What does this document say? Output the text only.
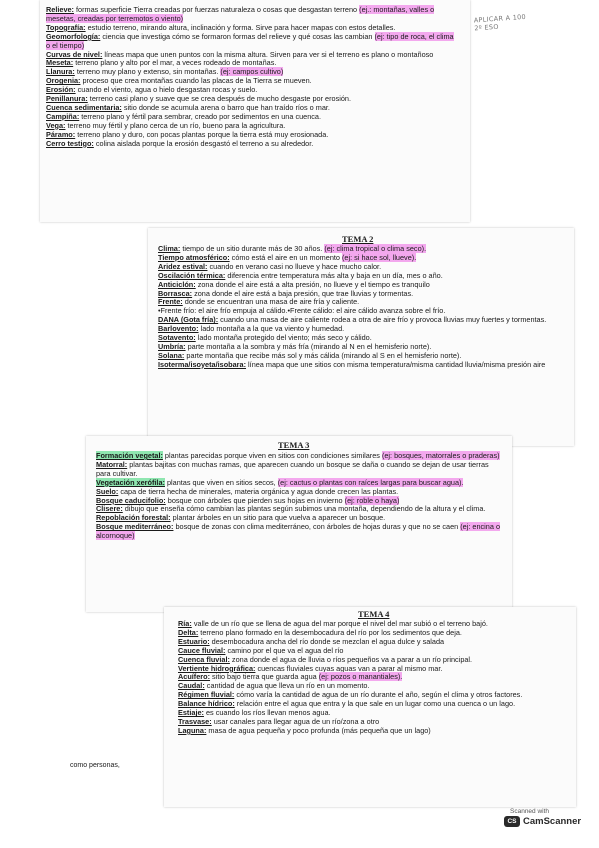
Relieve: formas superficie Tierra creadas por fuerzas naturaleza o cosas que desgastan terreno (ej.: montañas, valles o mesetas, creadas por terremotos o viento)

Topografía: estudio terreno, mirando altura, inclinación y forma. Sirve para hacer mapas con estos detalles.

Geomorfología: ciencia que investiga cómo se formaron formas del relieve y qué cosas las cambian (ej: tipo de roca, el clima o el tiempo)

Curvas de nivel: líneas mapa que unen puntos con la misma altura. Sirven para ver si el terreno es plano o montañoso

Meseta: terreno plano y alto por el mar, a veces rodeado de montañas.

Llanura: terreno muy plano y extenso, sin montañas. (ej: campos cultivo)

Orogenia: proceso que crea montañas cuando las placas de la Tierra se mueven.

Erosión: cuando el viento, agua o hielo desgastan rocas y suelo.

Penillanura: terreno casi plano y suave que se crea después de mucho desgaste por erosión.

Cuenca sedimentaria: sitio donde se acumula arena o barro que han traído ríos o mar.

Campiña: terreno plano y fértil para sembrar, creado por sedimentos en una cuenca.

Vega: terreno muy fértil y plano cerca de un río, bueno para la agricultura.

Páramo: terreno plano y duro, con pocas plantas porque la tierra está muy erosionada.

Cerro testigo: colina aislada porque la erosión desgastó el terreno a su alrededor.

APLICAR A 100
2º ESO
TEMA 2

Clima: tiempo de un sitio durante más de 30 años. (ej: clima tropical o clima seco).

Tiempo atmosférico: cómo está el aire en un momento (ej: si hace sol, llueve).

Aridez estival: cuando en verano casi no llueve y hace mucho calor.

Oscilación térmica: diferencia entre temperatura más alta y baja en un día, mes o año.

Anticiclón: zona donde el aire está a alta presión, no llueve y el tiempo es tranquilo

Borrasca: zona donde el aire está a baja presión, que trae lluvias y tormentas.

Frente: donde se encuentran una masa de aire fría y caliente.

•Frente frío: el aire frío empuja al cálido.•Frente cálido: el aire cálido avanza sobre el frío.

DANA (Gota fría): cuando una masa de aire caliente rodea a otra de aire frío y provoca lluvias muy fuertes y tormentas.

Barlovento: lado montaña a la que va viento y humedad.

Sotavento: lado montaña protegido del viento; más seco y cálido.

Umbría: parte montaña a la sombra y más fría (mirando al N en el hemisferio norte).

Solana: parte montaña que recibe más sol y más cálida (mirando al S en el hemisferio norte).

Isoterma/isoyeta/isobara: línea mapa que une sitios con misma temperatura/misma cantidad lluvia/misma presión aire

TEMA 3

Formación vegetal: plantas parecidas porque viven en sitios con condiciones similares (ej: bosques, matorrales o praderas)

Matorral: plantas bajitas con muchas ramas, que aparecen cuando un bosque se daña o cuando se dejan de usar tierras para cultivar.

Vegetación xerófila: plantas que viven en sitios secos, (ej: cactus o plantas con raíces largas para buscar agua).

Suelo: capa de tierra hecha de minerales, materia orgánica y agua donde crecen las plantas.

Bosque caducifolio: bosque con árboles que pierden sus hojas en invierno (ej: roble o haya)

Clisere: dibujo que enseña cómo cambian las plantas según subimos una montaña, dependiendo de la altura y el clima.

Repoblación forestal: plantar árboles en un sitio para que vuelva a aparecer un bosque.

Bosque mediterráneo: bosque de zonas con clima mediterráneo, con árboles de hojas duras y que no se caen (ej: encina o alcornoque)

TEMA 4

Ría: valle de un río que se llena de agua del mar porque el nivel del mar subió o el terreno bajó.

Delta: terreno plano formado en la desembocadura del río por los sedimentos que deja.

Estuario: desembocadura ancha del río donde se mezclan el agua dulce y salada

Cauce fluvial: camino por el que va el agua del río

Cuenca fluvial: zona donde el agua de lluvia o ríos pequeños va a parar a un río principal.

Vertiente hidrográfica: cuencas fluviales cuyas aguas van a parar al mismo mar.

Acuífero: sitio bajo tierra que guarda agua (ej: pozos o manantiales).

Caudal: cantidad de agua que lleva un río en un momento.

Régimen fluvial: cómo varía la cantidad de agua de un río durante el año, según el clima y otros factores.

Balance hídrico: relación entre el agua que entra y la que sale en un lugar como una cuenca o un lago.

Estiaje: es cuando los ríos llevan menos agua.

Trasvase: usar canales para llegar agua de un río/zona a otro

Laguna: masa de agua pequeña y poco profunda (más pequeña que un lago)

como personas,
Scanned with
CS CamScanner
